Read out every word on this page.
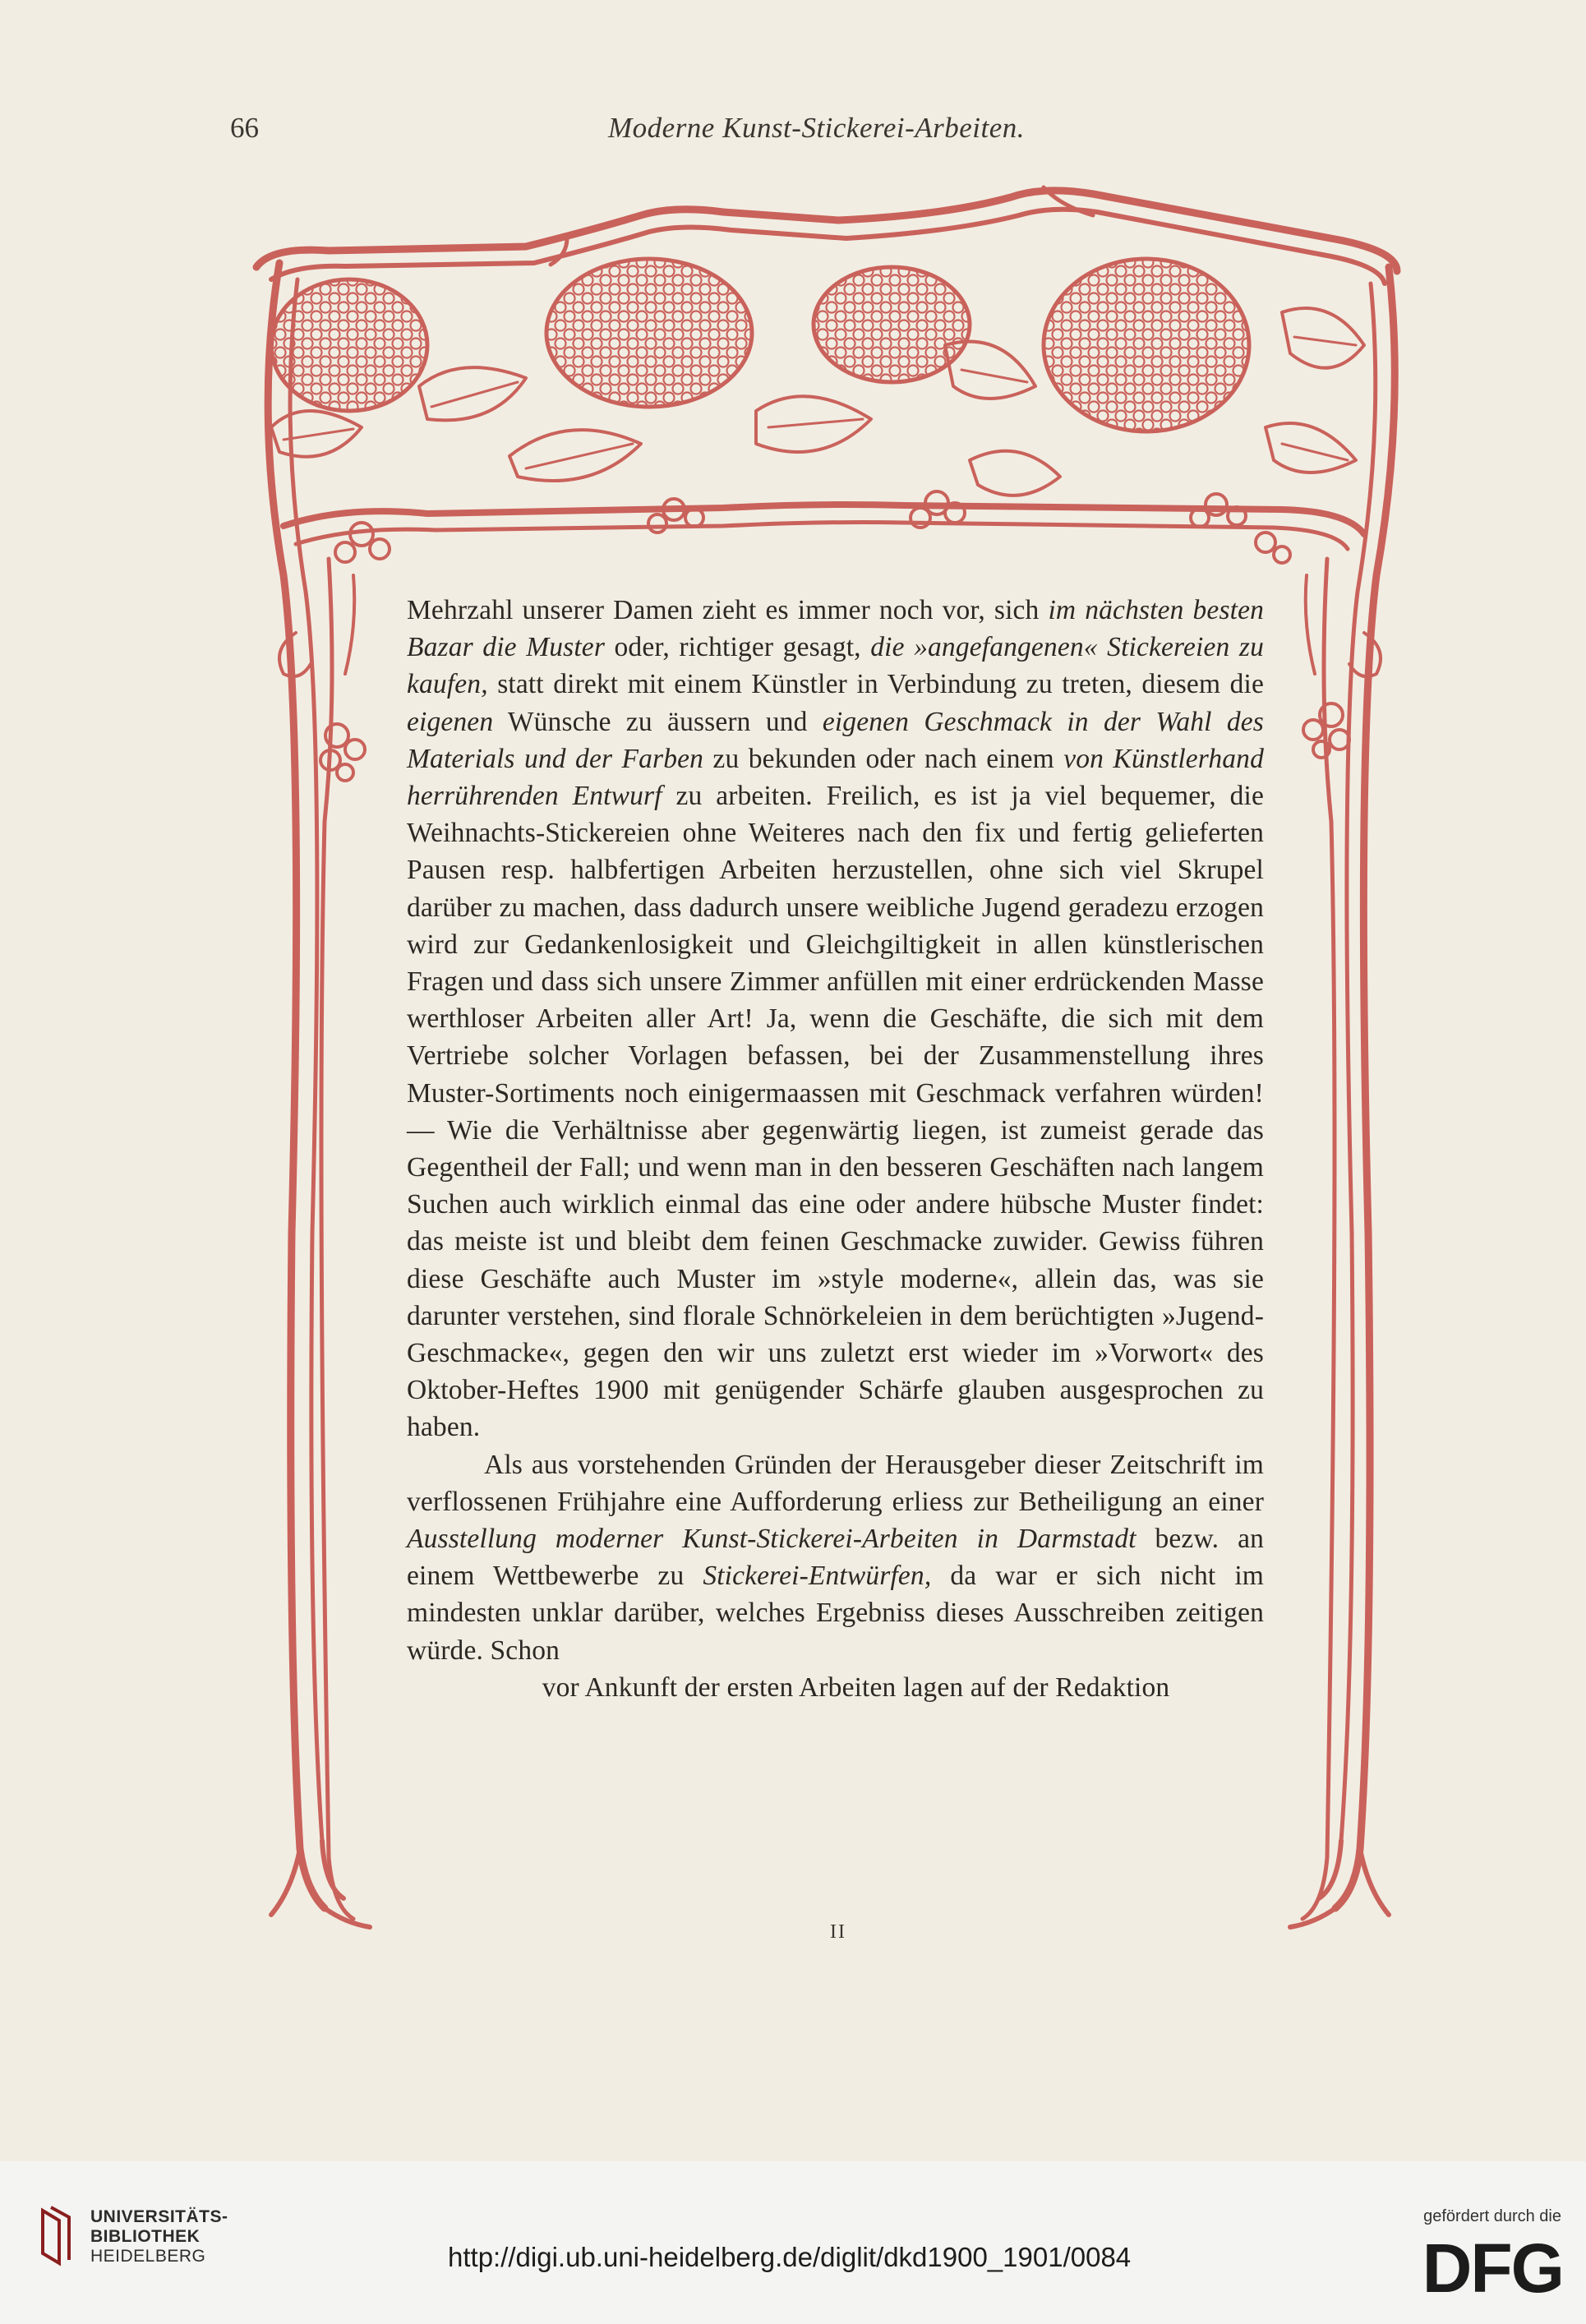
66	Moderne Kunst-Stickerei-Arbeiten.

Mehrzahl unserer Damen zieht es immer noch vor, sich im nächsten besten Bazar die Muster oder, richtiger gesagt, die »angefangenen« Stickereien zu kaufen, statt direkt mit einem Künstler in Verbindung zu treten, diesem die eigenen Wünsche zu äussern und eigenen Geschmack in der Wahl des Materials und der Farben zu bekunden oder nach einem von Künstlerhand herrührenden Entwurf zu arbeiten. Freilich, es ist ja viel bequemer, die Weihnachts-Stickereien ohne Weiteres nach den fix und fertig gelieferten Pausen resp. halbfertigen Arbeiten herzustellen, ohne sich viel Skrupel darüber zu machen, dass dadurch unsere weibliche Jugend geradezu erzogen wird zur Gedankenlosigkeit und Gleichgiltigkeit in allen künstlerischen Fragen und dass sich unsere Zimmer anfüllen mit einer erdrückenden Masse werthloser Arbeiten aller Art! Ja, wenn die Geschäfte, die sich mit dem Vertriebe solcher Vorlagen befassen, bei der Zusammenstellung ihres Muster-Sortiments noch einigermaassen mit Geschmack verfahren würden! — Wie die Verhältnisse aber gegenwärtig liegen, ist zumeist gerade das Gegentheil der Fall; und wenn man in den besseren Geschäften nach langem Suchen auch wirklich einmal das eine oder andere hübsche Muster findet: das meiste ist und bleibt dem feinen Geschmacke zuwider. Gewiss führen diese Geschäfte auch Muster im »style moderne«, allein das, was sie darunter verstehen, sind florale Schnörkeleien in dem berüchtigten »Jugend-Geschmacke«, gegen den wir uns zuletzt erst wieder im »Vorwort« des Oktober-Heftes 1900 mit genügender Schärfe glauben ausgesprochen zu haben.

Als aus vorstehenden Gründen der Herausgeber dieser Zeitschrift im verflossenen Frühjahre eine Aufforderung erliess zur Betheiligung an einer Ausstellung moderner Kunst-Stickerei-Arbeiten in Darmstadt bezw. an einem Wettbewerbe zu Stickerei-Entwürfen, da war er sich nicht im mindesten unklar darüber, welches Ergebniss dieses Ausschreiben zeitigen würde. Schon

vor Ankunft der ersten Arbeiten lagen auf der Redaktion
II
UNIVERSITÄTS-
BIBLIOTHEK
HEIDELBERG	http://digi.ub.uni-heidelberg.de/diglit/dkd1900_1901/0084
gefördert durch die
DFG
